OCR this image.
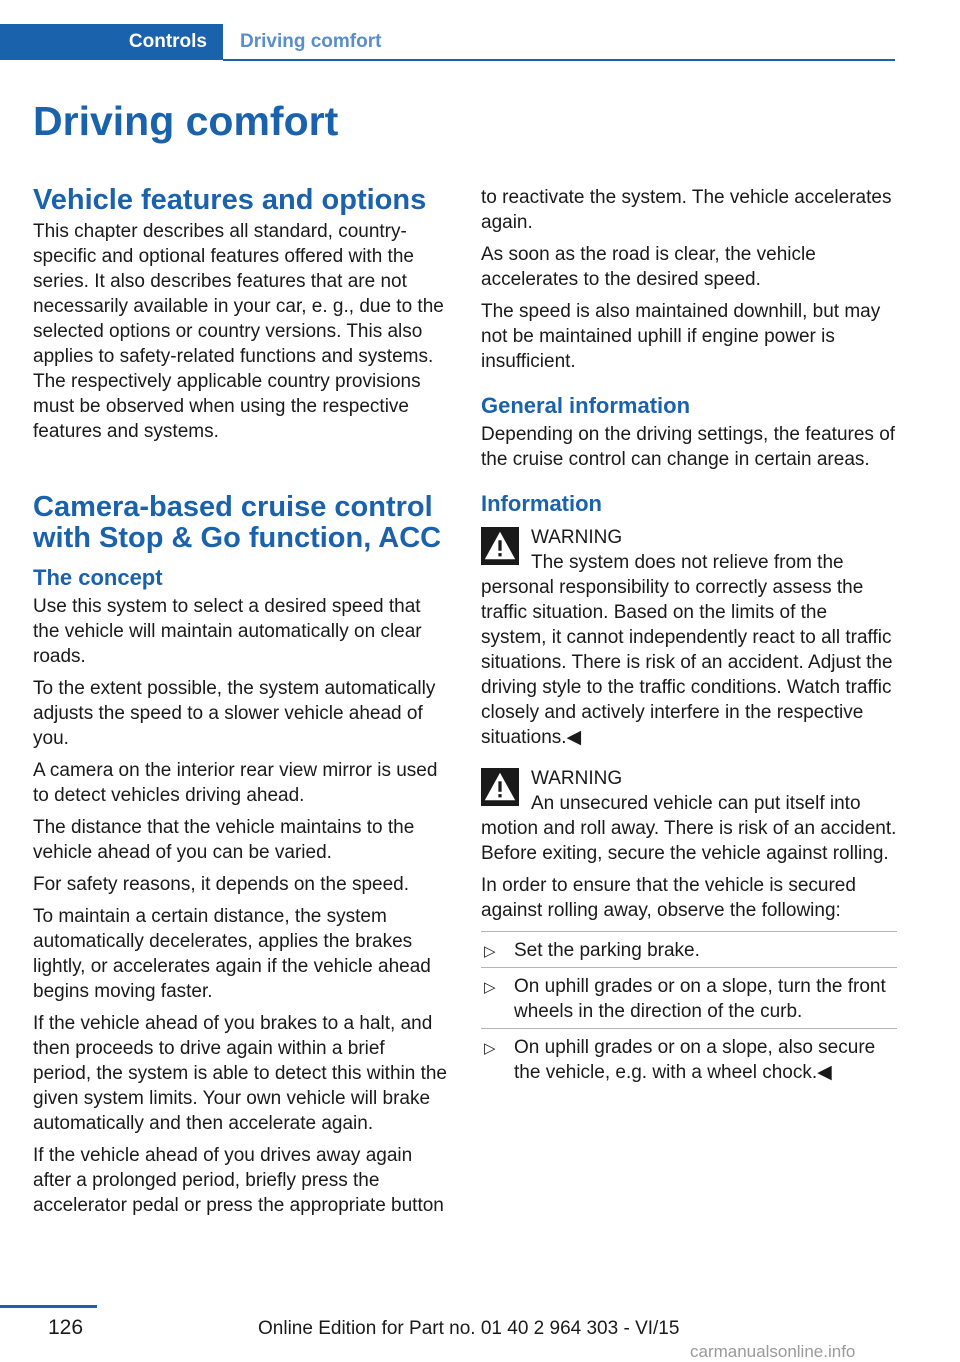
Controls	Driving comfort
Driving comfort
Vehicle features and options

This chapter describes all standard, country-specific and optional features offered with the series. It also describes features that are not necessarily available in your car, e. g., due to the selected options or country versions. This also applies to safety-related functions and systems. The respectively applicable country provisions must be observed when using the respective features and systems.

Camera-based cruise control with Stop & Go function, ACC
The concept

Use this system to select a desired speed that the vehicle will maintain automatically on clear roads.

To the extent possible, the system automatically adjusts the speed to a slower vehicle ahead of you.

A camera on the interior rear view mirror is used to detect vehicles driving ahead.

The distance that the vehicle maintains to the vehicle ahead of you can be varied.

For safety reasons, it depends on the speed.

To maintain a certain distance, the system automatically decelerates, applies the brakes lightly, or accelerates again if the vehicle ahead begins moving faster.

If the vehicle ahead of you brakes to a halt, and then proceeds to drive again within a brief period, the system is able to detect this within the given system limits. Your own vehicle will brake automatically and then accelerate again.

If the vehicle ahead of you drives away again after a prolonged period, briefly press the accelerator pedal or press the appropriate button

to reactivate the system. The vehicle accelerates again.

As soon as the road is clear, the vehicle accelerates to the desired speed.

The speed is also maintained downhill, but may not be maintained uphill if engine power is insufficient.

General information

Depending on the driving settings, the features of the cruise control can change in certain areas.

Information
WARNING
The system does not relieve from the
personal responsibility to correctly assess the traffic situation. Based on the limits of the system, it cannot independently react to all traffic situations. There is risk of an accident. Adjust the driving style to the traffic conditions. Watch traffic closely and actively interfere in the respective situations.◀
WARNING
An unsecured vehicle can put itself into
motion and roll away. There is risk of an accident. Before exiting, secure the vehicle against rolling.

In order to ensure that the vehicle is secured against rolling away, observe the following:

▷ Set the parking brake.
▷ On uphill grades or on a slope, turn the front wheels in the direction of the curb.
▷ On uphill grades or on a slope, also secure the vehicle, e.g. with a wheel chock.◀
126	Online Edition for Part no. 01 40 2 964 303 - VI/15
carmanualsonline.info
